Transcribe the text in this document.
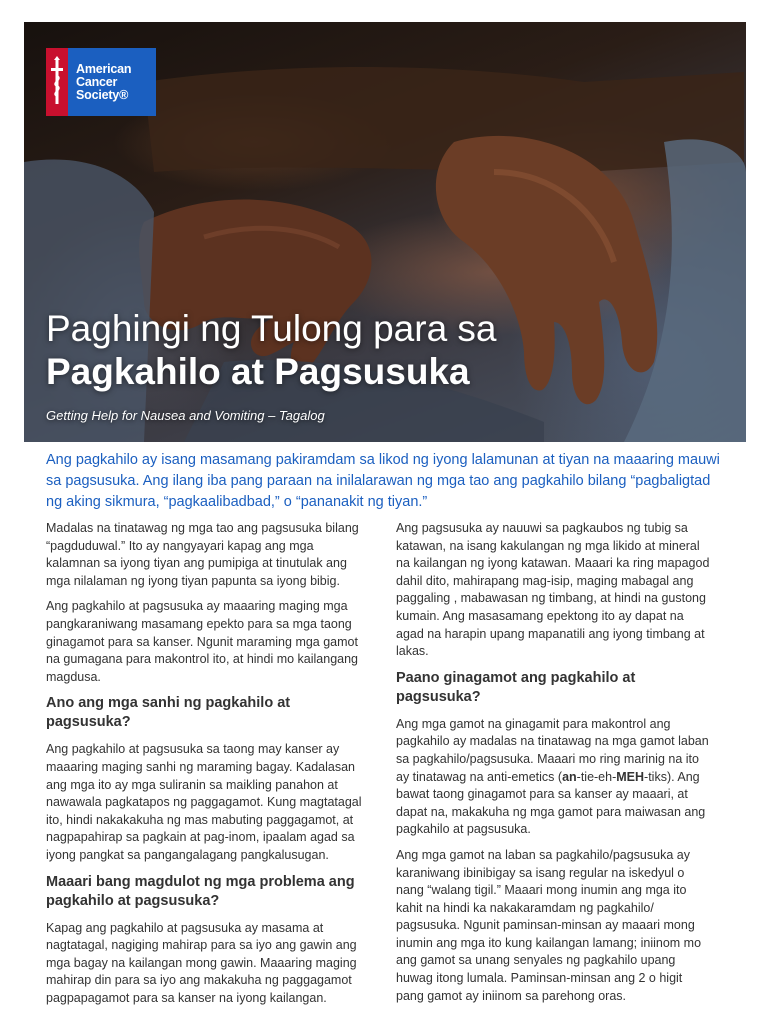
American
Cancer
Society®
Paghingi ng Tulong para sa
Pagkahilo at Pagsusuka
Getting Help for Nausea and Vomiting – Tagalog
Ang pagkahilo ay isang masamang pakiramdam sa likod ng iyong lalamunan at tiyan na maaaring mauwi sa pagsusuka. Ang ilang iba pang paraan na inilalarawan ng mga tao ang pagkahilo bilang “pagbaligtad ng aking sikmura, “pagkaalibadbad,” o “pananakit ng tiyan.”

Madalas na tinatawag ng mga tao ang pagsusuka bilang “pagduduwal.” Ito ay nangyayari kapag ang mga kalamnan sa iyong tiyan ang pumipiga at tinutulak ang mga nilalaman ng iyong tiyan papunta sa iyong bibig.

Ang pagkahilo at pagsusuka ay maaaring maging mga pangkaraniwang masamang epekto para sa mga taong ginagamot para sa kanser. Ngunit maraming mga gamot na gumagana para makontrol ito, at hindi mo kailangang magdusa.

Ano ang mga sanhi ng pagkahilo at pagsusuka?

Ang pagkahilo at pagsusuka sa taong may kanser ay maaaring maging sanhi ng maraming bagay. Kadalasan ang mga ito ay mga suliranin sa maikling panahon at nawawala pagkatapos ng paggagamot. Kung magtatagal ito, hindi nakakakuha ng mas mabuting paggagamot, at nagpapahirap sa pagkain at pag-inom, ipaalam agad sa iyong pangkat sa pangangalagang pangkalusugan.

Maaari bang magdulot ng mga problema ang pagkahilo at pagsusuka?

Kapag ang pagkahilo at pagsusuka ay masama at nagtatagal, nagiging mahirap para sa iyo ang gawin ang mga bagay na kailangan mong gawin. Maaaring maging mahirap din para sa iyo ang makakuha ng paggagamot pagpapagamot para sa kanser na iyong kailangan.

Ang pagsusuka ay nauuwi sa pagkaubos ng tubig sa katawan, na isang kakulangan ng mga likido at mineral na kailangan ng iyong katawan. Maaari ka ring mapagod dahil dito, mahirapang mag-isip, maging mabagal ang paggaling , mabawasan ng timbang, at hindi na gustong kumain. Ang masasamang epektong ito ay dapat na agad na harapin upang mapanatili ang iyong timbang at lakas.

Paano ginagamot ang pagkahilo at pagsusuka?

Ang mga gamot na ginagamit para makontrol ang pagkahilo ay madalas na tinatawag na mga gamot laban sa pagkahilo/pagsusuka. Maaari mo ring marinig na ito ay tinatawag na anti-emetics (an-tie-eh-MEH-tiks). Ang bawat taong ginagamot para sa kanser ay maaari, at dapat na, makakuha ng mga gamot para maiwasan ang pagkahilo at pagsusuka.

Ang mga gamot na laban sa pagkahilo/pagsusuka ay karaniwang ibinibigay sa isang regular na iskedyul o nang “walang tigil.” Maaari mong inumin ang mga ito kahit na hindi ka nakakaramdam ng pagkahilo/ pagsusuka. Ngunit paminsan-minsan ay maaari mong inumin ang mga ito kung kailangan lamang; iniinom mo ang gamot sa unang senyales ng pagkahilo upang huwag itong lumala. Paminsan-minsan ang 2 o higit pang gamot ay iniinom sa parehong oras.
